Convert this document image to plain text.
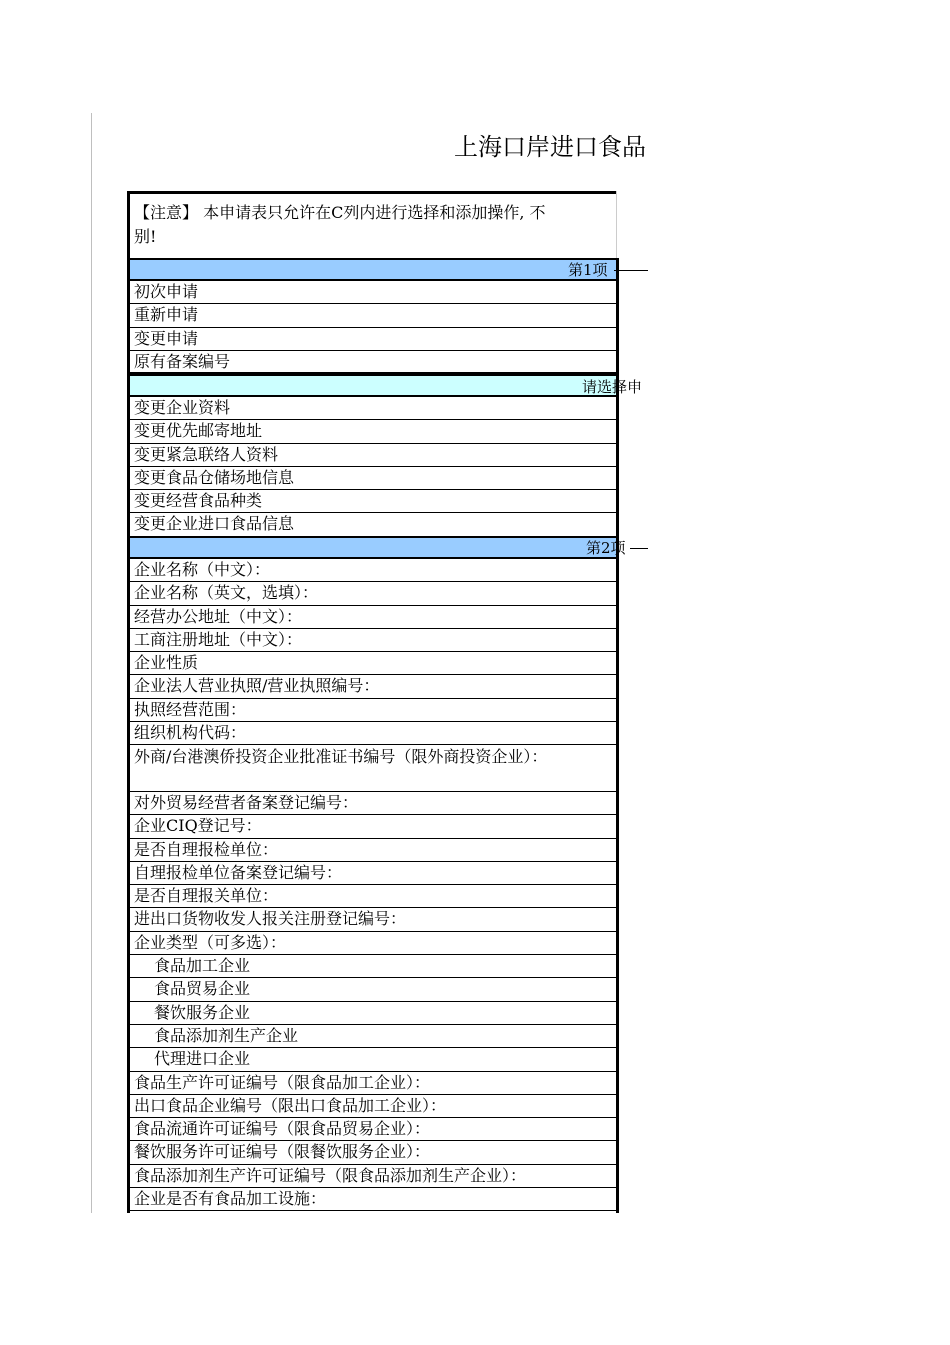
上海口岸进口食品
【注意】 本申请表只允许在C列内进行选择和添加操作, 不
别!
第1项
初次申请
重新申请
变更申请
原有备案编号
请选择申
变更企业资料
变更优先邮寄地址
变更紧急联络人资料
变更食品仓储场地信息
变更经营食品种类
变更企业进口食品信息
第2项
企业名称（中文）：
企业名称（英文，选填）：
经营办公地址（中文）：
工商注册地址（中文）：
企业性质
企业法人营业执照/营业执照编号：
执照经营范围：
组织机构代码：
外商/台港澳侨投资企业批准证书编号（限外商投资企业）：
对外贸易经营者备案登记编号：
企业CIQ登记号：
是否自理报检单位：
自理报检单位备案登记编号：
是否自理报关单位：
进出口货物收发人报关注册登记编号：
企业类型（可多选）：
食品加工企业
食品贸易企业
餐饮服务企业
食品添加剂生产企业
代理进口企业
食品生产许可证编号（限食品加工企业）：
出口食品企业编号（限出口食品加工企业）：
食品流通许可证编号（限食品贸易企业）：
餐饮服务许可证编号（限餐饮服务企业）：
食品添加剂生产许可证编号（限食品添加剂生产企业）：
企业是否有食品加工设施：
